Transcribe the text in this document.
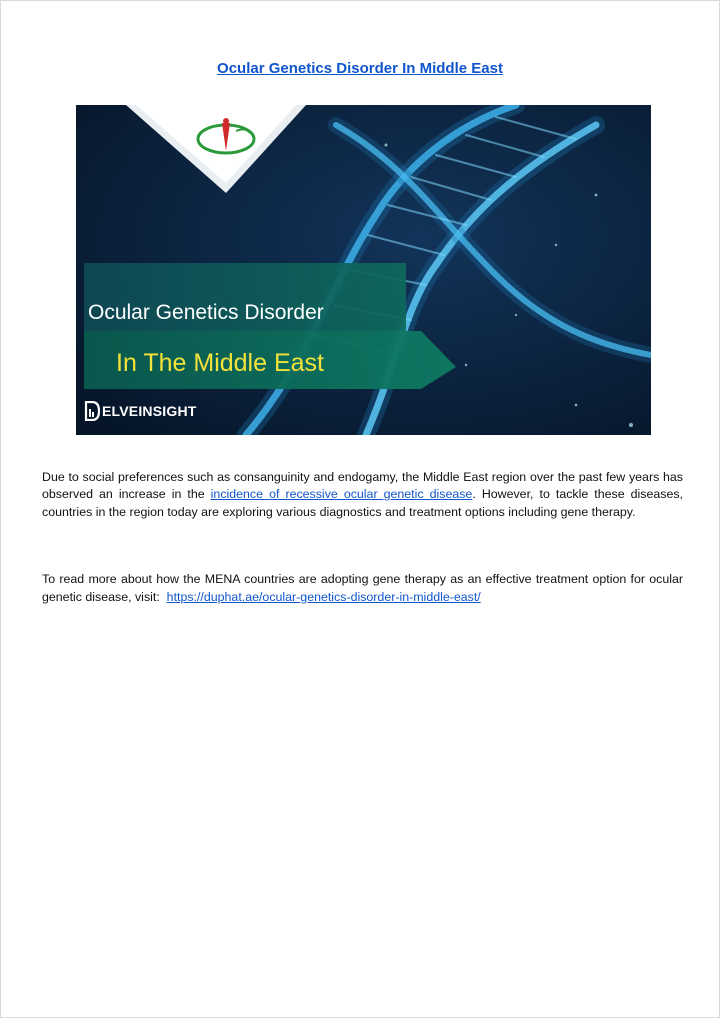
Ocular Genetics Disorder In Middle East
Ocular Genetics Disorder
In The Middle East
ELVEINSIGHT

Due to social preferences such as consanguinity and endogamy, the Middle East region over the past few years has observed an increase in the incidence of recessive ocular genetic disease. However, to tackle these diseases, countries in the region today are exploring various diagnostics and treatment options including gene therapy.

To read more about how the MENA countries are adopting gene therapy as an effective treatment option for ocular genetic disease, visit:  https://duphat.ae/ocular-genetics-disorder-in-middle-east/
